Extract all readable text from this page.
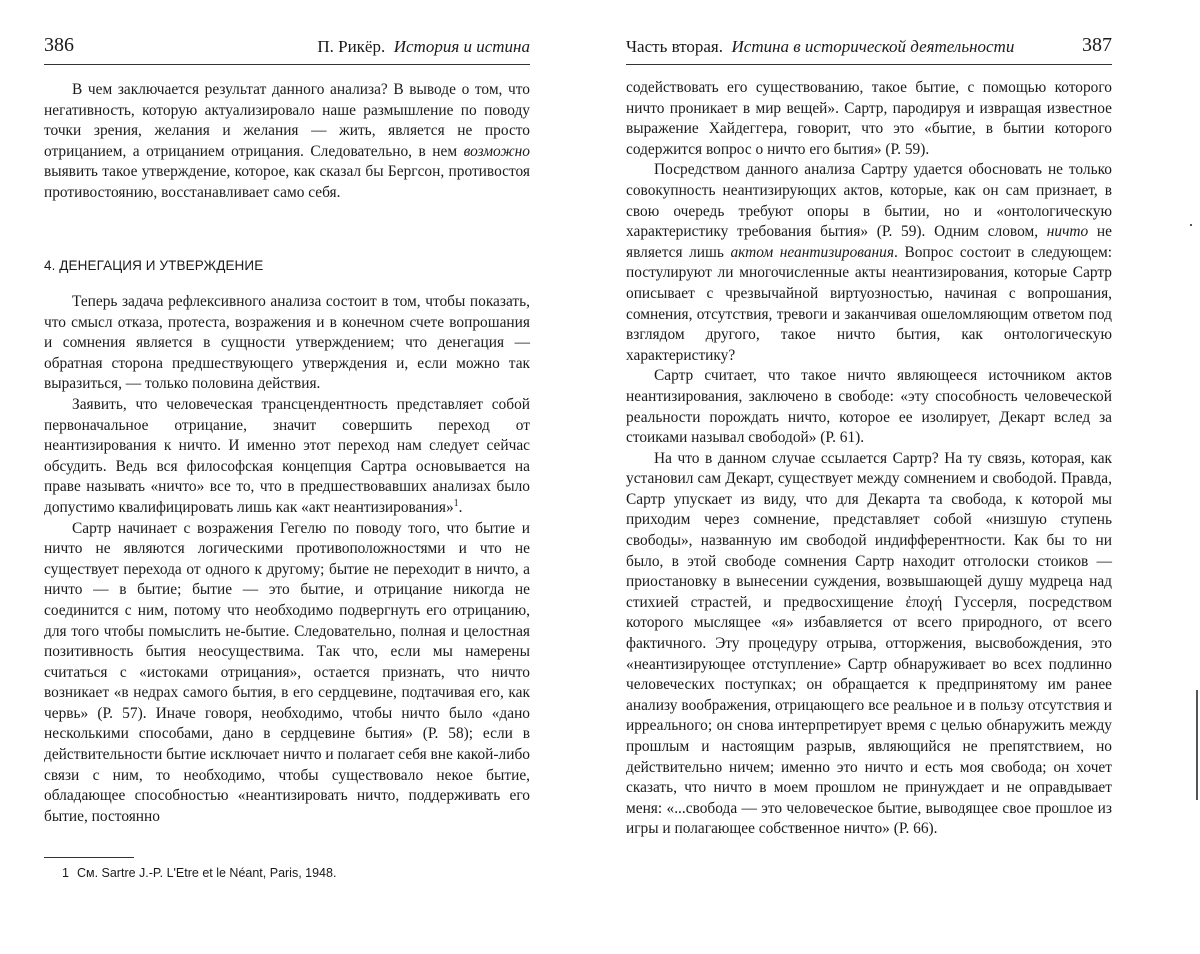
386	П. Рикёр. История и истина

В чем заключается результат данного анализа? В выводе о том, что негативность, которую актуализировало наше размышление по поводу точки зрения, желания и желания — жить, является не просто отрицанием, а отрицанием отрицания. Следовательно, в нем возможно выявить такое утверждение, которое, как сказал бы Бергсон, противостоя противостоянию, восстанавливает само себя.

4. ДЕНЕГАЦИЯ И УТВЕРЖДЕНИЕ

Теперь задача рефлексивного анализа состоит в том, чтобы показать, что смысл отказа, протеста, возражения и в конечном счете вопрошания и сомнения является в сущности утверждением; что денегация — обратная сторона предшествующего утверждения и, если можно так выразиться, — только половина действия.

Заявить, что человеческая трансцендентность представляет собой первоначальное отрицание, значит совершить переход от неантизирования к ничто. И именно этот переход нам следует сейчас обсудить. Ведь вся философская концепция Сартра основывается на праве называть «ничто» все то, что в предшествовавших анализах было допустимо квалифицировать лишь как «акт неантизирования»$^1$.

Сартр начинает с возражения Гегелю по поводу того, что бытие и ничто не являются логическими противоположностями и что не существует перехода от одного к другому; бытие не переходит в ничто, а ничто — в бытие; бытие — это бытие, и отрицание никогда не соединится с ним, потому что необходимо подвергнуть его отрицанию, для того чтобы помыслить не-бытие. Следовательно, полная и целостная позитивность бытия неосуществима. Так что, если мы намерены считаться с «истоками отрицания», остается признать, что ничто возникает «в недрах самого бытия, в его сердцевине, подтачивая его, как червь» (Р. 57). Иначе говоря, необходимо, чтобы ничто было «дано несколькими способами, дано в сердцевине бытия» (Р. 58); если в действительности бытие исключает ничто и полагает себя вне какой-либо связи с ним, то необходимо, чтобы существовало некое бытие, обладающее способностью «неантизировать ничто, поддерживать его бытие, постоянно

1 См. Sartre J.-P. L'Etre et le Néant, Paris, 1948.
Часть вторая. Истина в исторической деятельности	387

содействовать его существованию, такое бытие, с помощью которого ничто проникает в мир вещей». Сартр, пародируя и извращая известное выражение Хайдеггера, говорит, что это «бытие, в бытии которого содержится вопрос о ничто его бытия» (Р. 59).

Посредством данного анализа Сартру удается обосновать не только совокупность неантизирующих актов, которые, как он сам признает, в свою очередь требуют опоры в бытии, но и «онтологическую характеристику требования бытия» (Р. 59). Одним словом, ничто не является лишь актом неантизирования. Вопрос состоит в следующем: постулируют ли многочисленные акты неантизирования, которые Сартр описывает с чрезвычайной виртуозностью, начиная с вопрошания, сомнения, отсутствия, тревоги и заканчивая ошеломляющим ответом под взглядом другого, такое ничто бытия, как онтологическую характеристику?

Сартр считает, что такое ничто являющееся источником актов неантизирования, заключено в свободе: «эту способность человеческой реальности порождать ничто, которое ее изолирует, Декарт вслед за стоиками называл свободой» (Р. 61).

На что в данном случае ссылается Сартр? На ту связь, которая, как установил сам Декарт, существует между сомнением и свободой. Правда, Сартр упускает из виду, что для Декарта та свобода, к которой мы приходим через сомнение, представляет собой «низшую ступень свободы», названную им свободой индифферентности. Как бы то ни было, в этой свободе сомнения Сартр находит отголоски стоиков — приостановку в вынесении суждения, возвышающей душу мудреца над стихией страстей, и предвосхищение ἐποχή Гуссерля, посредством которого мыслящее «я» избавляется от всего природного, от всего фактичного. Эту процедуру отрыва, отторжения, высвобождения, это «неантизирующее отступление» Сартр обнаруживает во всех подлинно человеческих поступках; он обращается к предпринятому им ранее анализу воображения, отрицающего все реальное и в пользу отсутствия и ирреального; он снова интерпретирует время с целью обнаружить между прошлым и настоящим разрыв, являющийся не препятствием, но действительно ничем; именно это ничто и есть моя свобода; он хочет сказать, что ничто в моем прошлом не принуждает и не оправдывает меня: «...свобода — это человеческое бытие, выводящее свое прошлое из игры и полагающее собственное ничто» (Р. 66).
